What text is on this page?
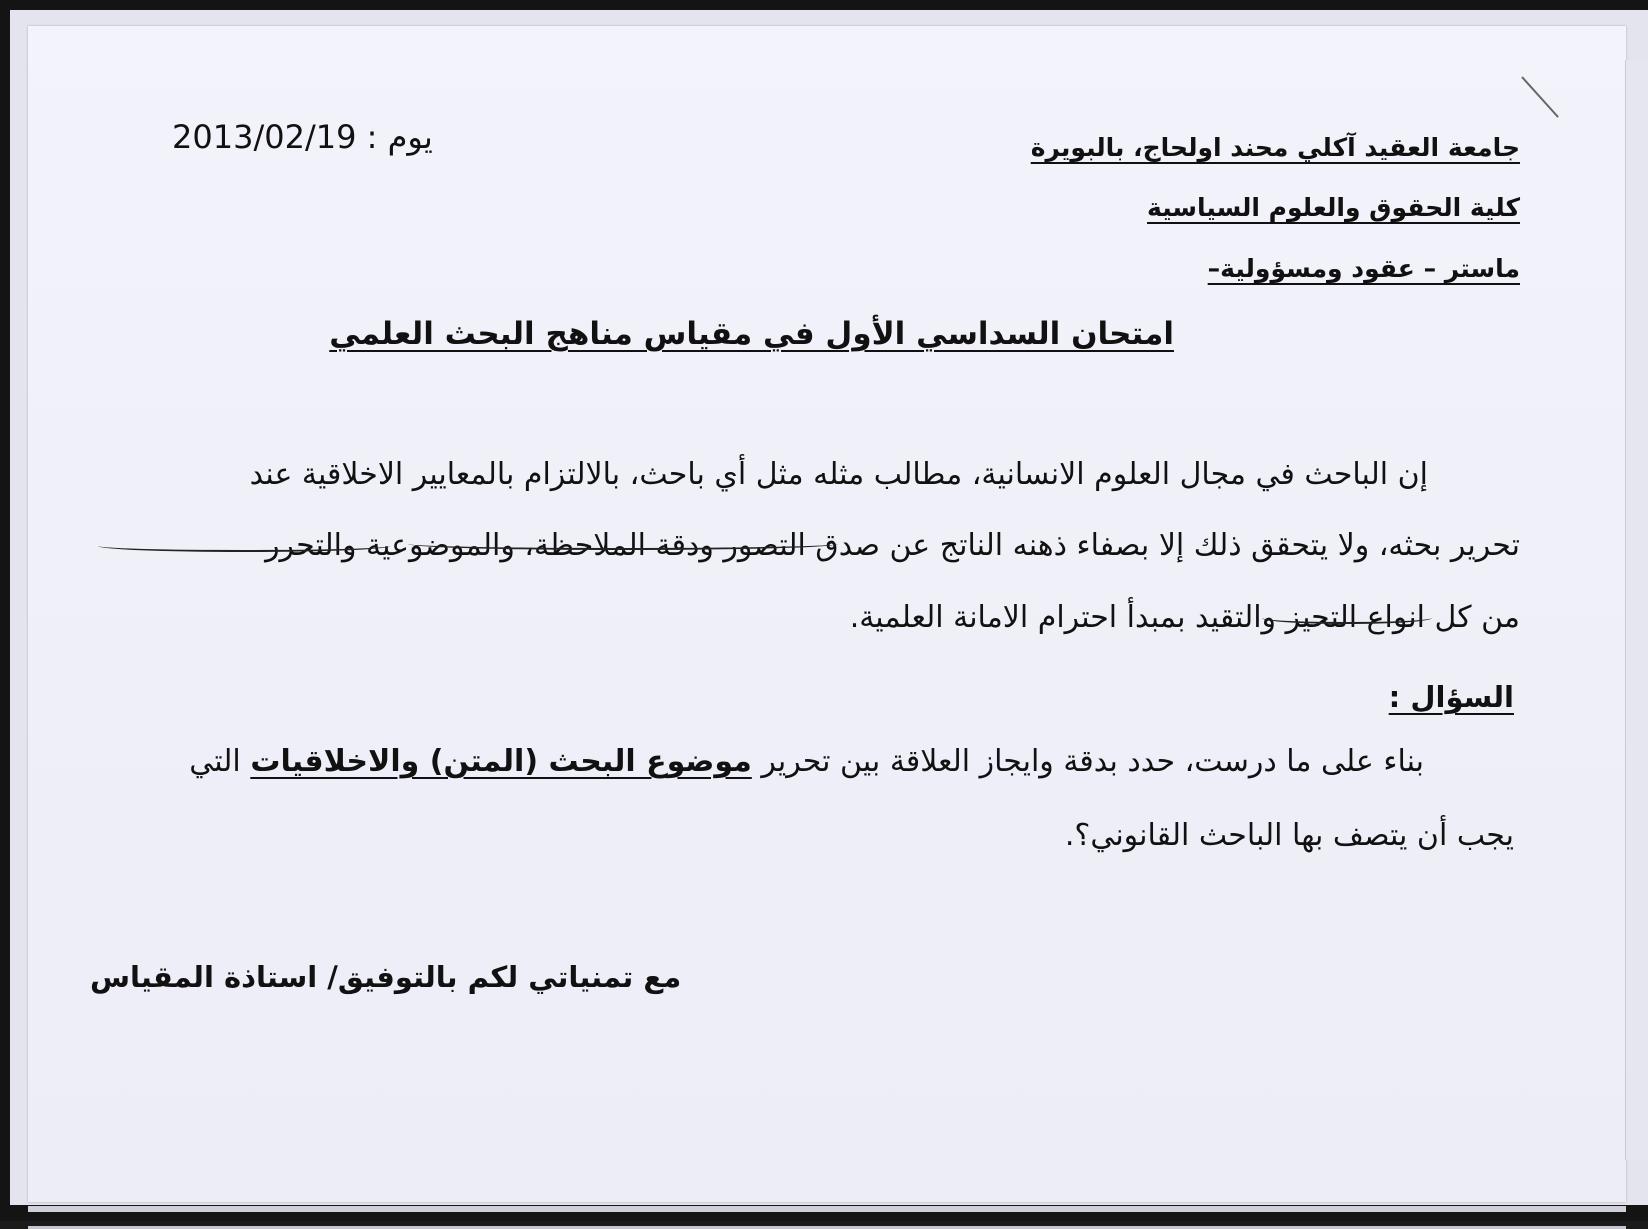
جامعة العقيد آكلي محند اولحاج، بالبويرة
كلية الحقوق والعلوم السياسية
ماستر – عقود ومسؤولية–
يوم : 2013/02/19
امتحان السداسي الأول في مقياس مناهج البحث العلمي
إن الباحث في مجال العلوم الانسانية، مطالب مثله مثل أي باحث، بالالتزام بالمعايير الاخلاقية عند
تحرير بحثه، ولا يتحقق ذلك إلا بصفاء ذهنه الناتج عن صدق التصور ودقة الملاحظة، والموضوعية والتحرر
من كل انواع التحيز والتقيد بمبدأ احترام الامانة العلمية.
السؤال :
بناء على ما درست، حدد بدقة وايجاز العلاقة بين تحرير موضوع البحث (المتن) والاخلاقيات التي
يجب أن يتصف بها الباحث القانوني؟.
مع تمنياتي لكم بالتوفيق/ استاذة المقياس
